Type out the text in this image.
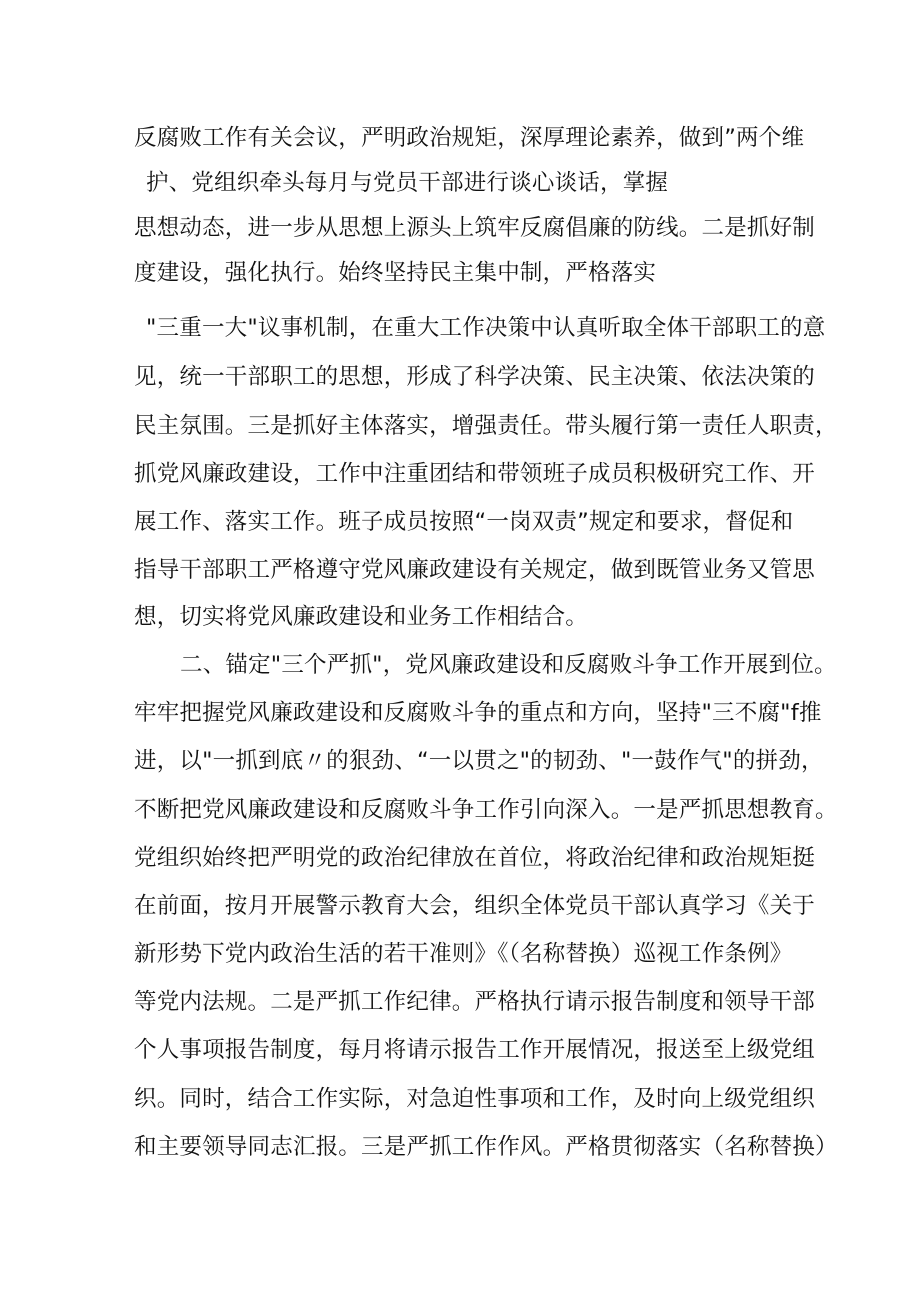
反腐败工作有关会议，严明政治规矩，深厚理论素养，做到”两个维
护、党组织牵头每月与党员干部进行谈心谈话，掌握
思想动态，进一步从思想上源头上筑牢反腐倡廉的防线。二是抓好制
度建设，强化执行。始终坚持民主集中制，严格落实
"三重一大"议事机制，在重大工作决策中认真听取全体干部职工的意
见，统一干部职工的思想，形成了科学决策、民主决策、依法决策的
民主氛围。三是抓好主体落实，增强责任。带头履行第一责任人职责，
抓党风廉政建设，工作中注重团结和带领班子成员积极研究工作、开
展工作、落实工作。班子成员按照“一岗双责”规定和要求，督促和
指导干部职工严格遵守党风廉政建设有关规定，做到既管业务又管思
想，切实将党风廉政建设和业务工作相结合。
二、锚定"三个严抓"，党风廉政建设和反腐败斗争工作开展到位。
牢牢把握党风廉政建设和反腐败斗争的重点和方向，坚持"三不腐"f推
进，以"一抓到底〃的狠劲、“一以贯之"的韧劲、"一鼓作气"的拼劲，
不断把党风廉政建设和反腐败斗争工作引向深入。一是严抓思想教育。
党组织始终把严明党的政治纪律放在首位，将政治纪律和政治规矩挺
在前面，按月开展警示教育大会，组织全体党员干部认真学习《关于
新形势下党内政治生活的若干准则》《（名称替换）巡视工作条例》
等党内法规。二是严抓工作纪律。严格执行请示报告制度和领导干部
个人事项报告制度，每月将请示报告工作开展情况，报送至上级党组
织。同时，结合工作实际，对急迫性事项和工作，及时向上级党组织
和主要领导同志汇报。三是严抓工作作风。严格贯彻落实（名称替换）
